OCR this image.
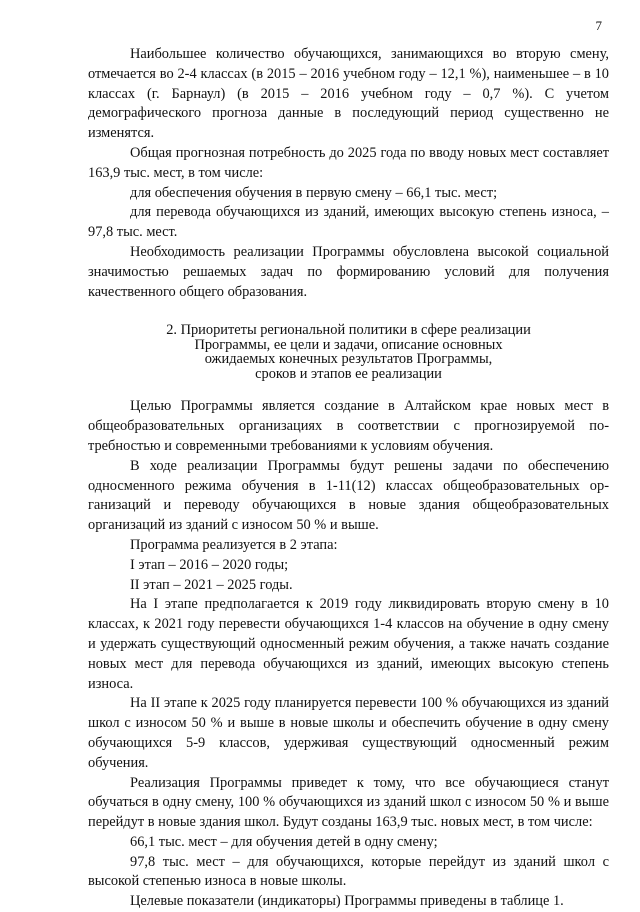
7

Наибольшее количество обучающихся, занимающихся во вторую смену, отмечается во 2-4 классах (в 2015 – 2016 учебном году – 12,1 %), наименьшее – в 10 классах (г. Барнаул) (в 2015 – 2016 учебном году – 0,7 %). С учетом демографического прогноза данные в последующий период существенно не изменятся.

Общая прогнозная потребность до 2025 года по вводу новых мест составляет 163,9 тыс. мест, в том числе:

для обеспечения обучения в первую смену – 66,1 тыс. мест;

для перевода обучающихся из зданий, имеющих высокую степень износа, – 97,8 тыс. мест.

Необходимость реализации Программы обусловлена высокой социальной значимостью решаемых задач по формированию условий для получения качественного общего образования.

2. Приоритеты региональной политики в сфере реализации
Программы, ее цели и задачи, описание основных
ожидаемых конечных результатов Программы,
сроков и этапов ее реализации

Целью Программы является создание в Алтайском крае новых мест в общеобразовательных организациях в соответствии с прогнозируемой потребностью и современными требованиями к условиям обучения.

В ходе реализации Программы будут решены задачи по обеспечению односменного режима обучения в 1-11(12) классах общеобразовательных организаций и переводу обучающихся в новые здания общеобразовательных организаций из зданий с износом 50 % и выше.

Программа реализуется в 2 этапа:

I этап – 2016 – 2020 годы;

II этап – 2021 – 2025 годы.

На I этапе предполагается к 2019 году ликвидировать вторую смену в 10 классах, к 2021 году перевести обучающихся 1-4 классов на обучение в одну смену и удержать существующий односменный режим обучения, а также начать создание новых мест для перевода обучающихся из зданий, имеющих высокую степень износа.

На II этапе к 2025 году планируется перевести 100 % обучающихся из зданий школ с износом 50 % и выше в новые школы и обеспечить обучение в одну смену обучающихся 5-9 классов, удерживая существующий односменный режим обучения.

Реализация Программы приведет к тому, что все обучающиеся станут обучаться в одну смену, 100 % обучающихся из зданий школ с износом 50 % и выше перейдут в новые здания школ. Будут созданы 163,9 тыс. новых мест, в том числе:

66,1 тыс. мест – для обучения детей в одну смену;

97,8 тыс. мест – для обучающихся, которые перейдут из зданий школ с высокой степенью износа в новые школы.

Целевые показатели (индикаторы) Программы приведены в таблице 1.
